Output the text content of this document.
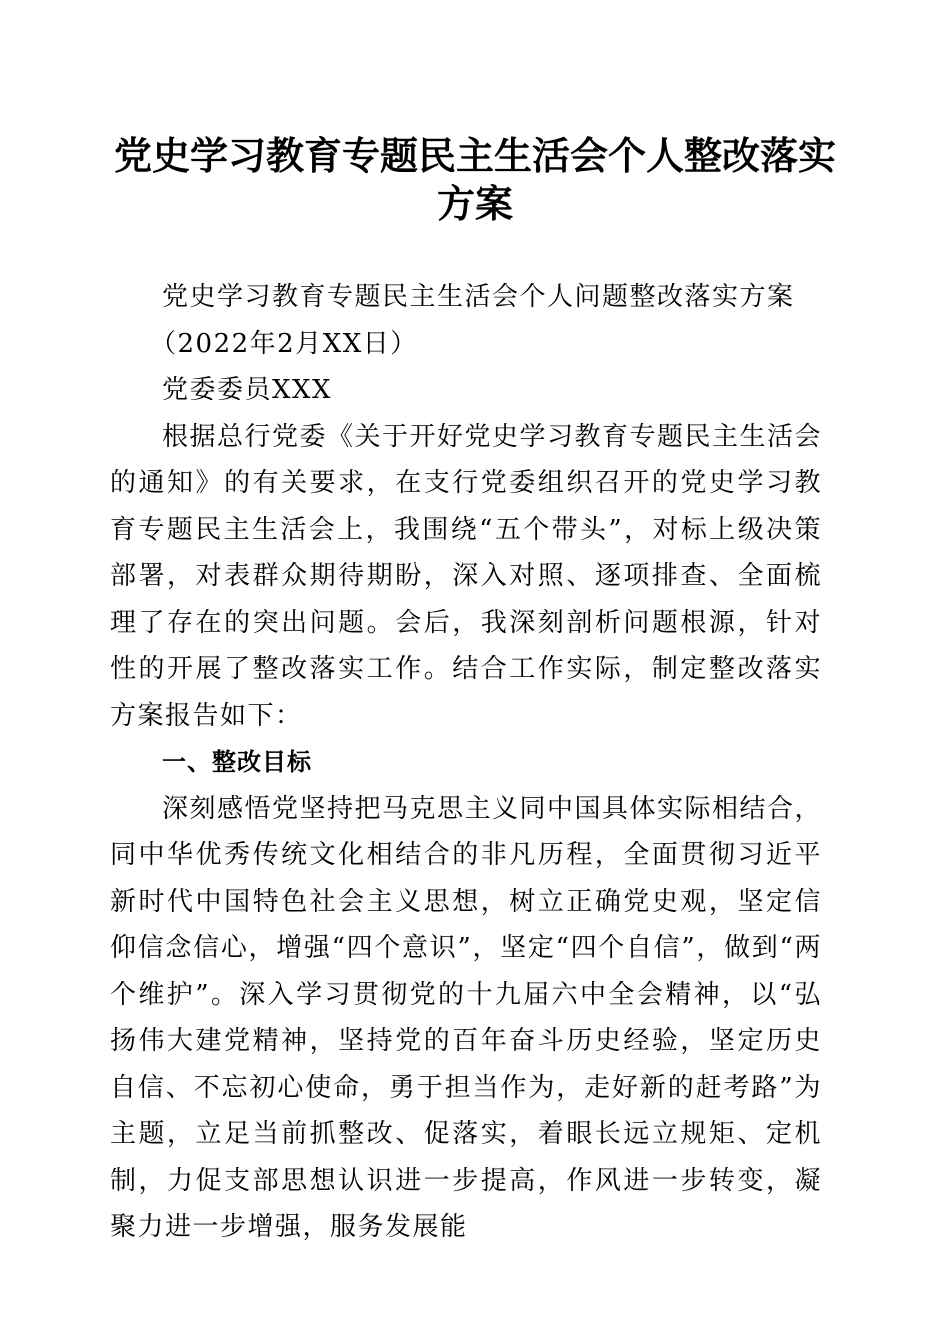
党史学习教育专题民主生活会个人整改落实方案

党史学习教育专题民主生活会个人问题整改落实方案

（2022年2月XX日）

党委委员XXX

根据总行党委《关于开好党史学习教育专题民主生活会的通知》的有关要求，在支行党委组织召开的党史学习教育专题民主生活会上，我围绕“五个带头”，对标上级决策部署，对表群众期待期盼，深入对照、逐项排查、全面梳理了存在的突出问题。会后，我深刻剖析问题根源，针对性的开展了整改落实工作。结合工作实际，制定整改落实方案报告如下：

一、整改目标

深刻感悟党坚持把马克思主义同中国具体实际相结合，同中华优秀传统文化相结合的非凡历程，全面贯彻习近平新时代中国特色社会主义思想，树立正确党史观，坚定信仰信念信心，增强“四个意识”，坚定“四个自信”，做到“两个维护”。深入学习贯彻党的十九届六中全会精神，以“弘扬伟大建党精神，坚持党的百年奋斗历史经验，坚定历史自信、不忘初心使命，勇于担当作为，走好新的赶考路”为主题，立足当前抓整改、促落实，着眼长远立规矩、定机制，力促支部思想认识进一步提高，作风进一步转变，凝聚力进一步增强，服务发展能
